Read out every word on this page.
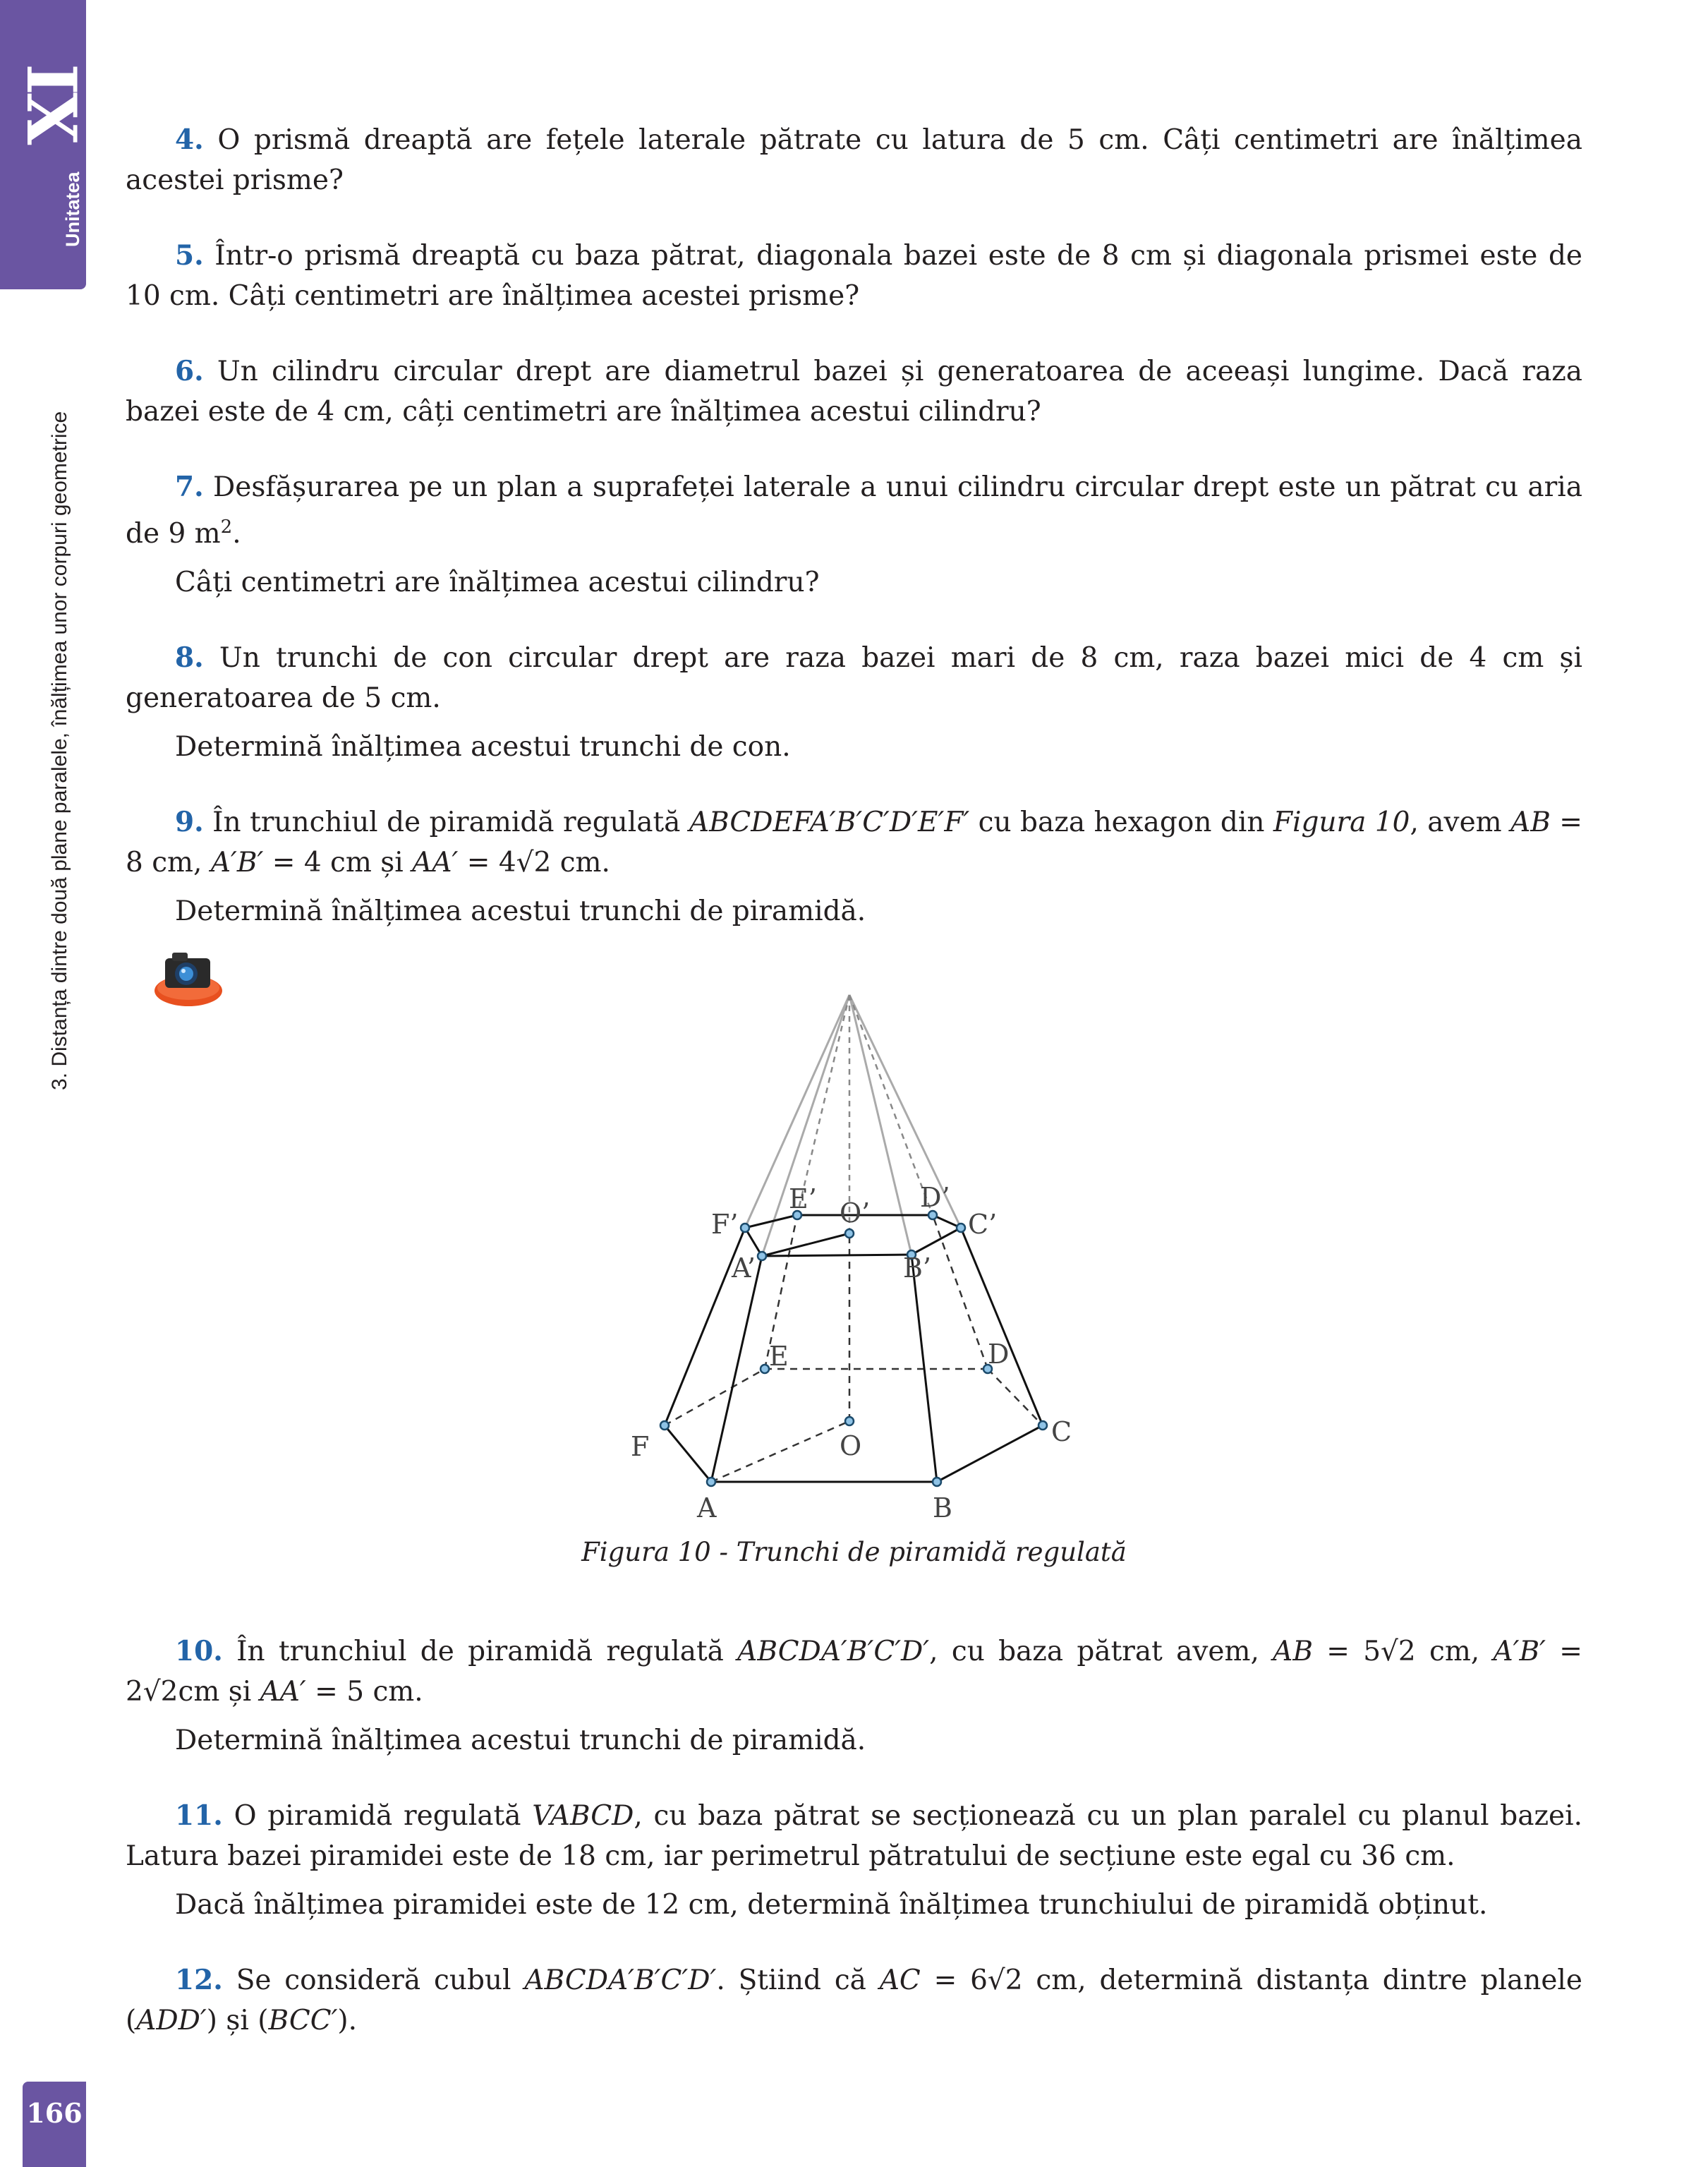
IX
Unitatea
3. Distanța dintre două plane paralele, înălțimea unor corpuri geometrice
166

4. O prismă dreaptă are fețele laterale pătrate cu latura de 5 cm. Câți centimetri are înălțimea acestei prisme?

5. Într-o prismă dreaptă cu baza pătrat, diagonala bazei este de 8 cm și diagonala prismei este de 10 cm. Câți centimetri are înălțimea acestei prisme?

6. Un cilindru circular drept are diametrul bazei și generatoarea de aceeași lungime. Dacă raza bazei este de 4 cm, câți centimetri are înălțimea acestui cilindru?

7. Desfășurarea pe un plan a suprafeței laterale a unui cilindru circular drept este un pătrat cu aria de 9 $m^2$.

Câți centimetri are înălțimea acestui cilindru?

8. Un trunchi de con circular drept are raza bazei mari de 8 cm, raza bazei mici de 4 cm și generatoarea de 5 cm.

Determină înălțimea acestui trunchi de con.

9. În trunchiul de piramidă regulată ABCDEFA′B′C′D′E′F′ cu baza hexagon din Figura 10, avem AB = 8 cm, A′B′ = 4 cm și AA′ = 4√2 cm.

Determină înălțimea acestui trunchi de piramidă.

A	B
C
D
E
F	O
A’	B’
C’
D’
E’
F’	O’
Figura 10 - Trunchi de piramidă regulată

10. În trunchiul de piramidă regulată ABCDA′B′C′D′, cu baza pătrat avem, AB = 5√2 cm, A′B′ = 2√2cm și AA′ = 5 cm.

Determină înălțimea acestui trunchi de piramidă.

11. O piramidă regulată VABCD, cu baza pătrat se secționează cu un plan paralel cu planul bazei. Latura bazei piramidei este de 18 cm, iar perimetrul pătratului de secțiune este egal cu 36 cm.

Dacă înălțimea piramidei este de 12 cm, determină înălțimea trunchiului de piramidă obținut.

12. Se consideră cubul ABCDA′B′C′D′. Știind că AC = 6√2 cm, determină distanța dintre planele (ADD′) și (BCC′).
